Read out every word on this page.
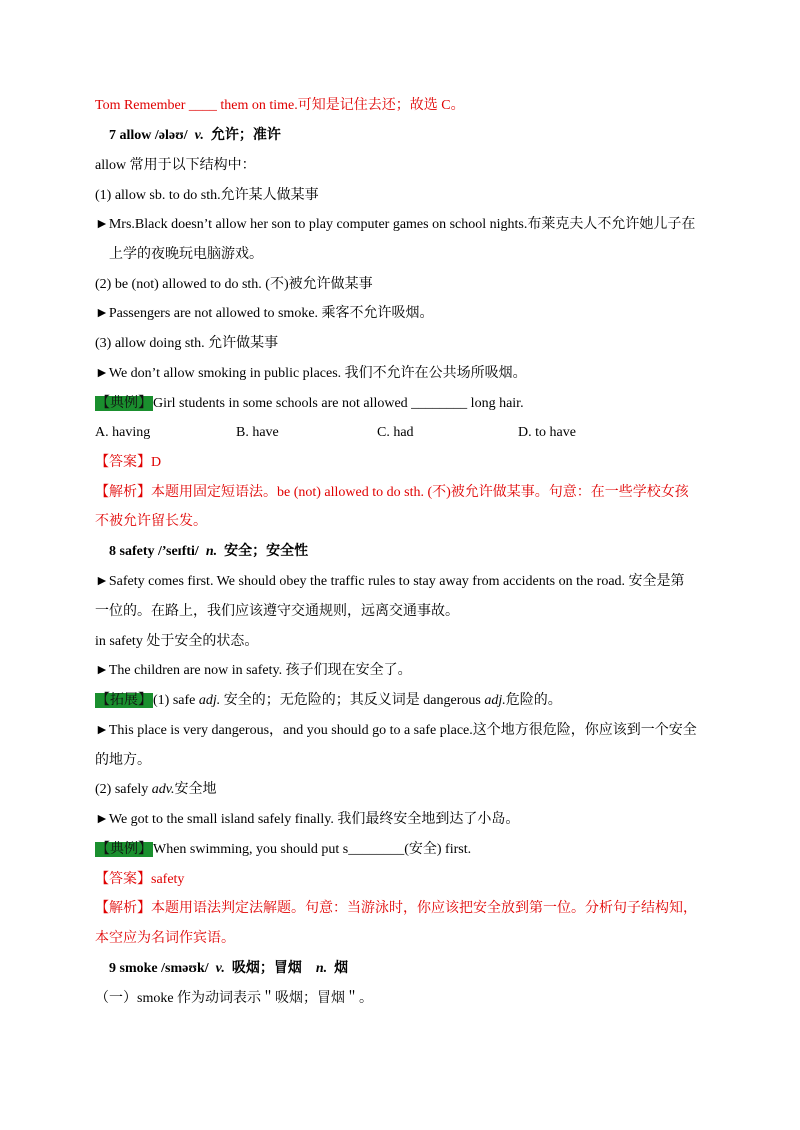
Tom Remember ____ them on time.可知是记住去还；故选 C。
7 allow /ələʊ/ v. 允许；准许
allow 常用于以下结构中：
(1) allow sb. to do sth.允许某人做某事
►Mrs.Black doesn’t allow her son to play computer games on school nights.布莱克夫人不允许她儿子在
上学的夜晚玩电脑游戏。
(2) be (not) allowed to do sth. (不)被允许做某事
►Passengers are not allowed to smoke. 乘客不允许吸烟。
(3) allow doing sth. 允许做某事
►We don’t allow smoking in public places. 我们不允许在公共场所吸烟。
【典例】Girl students in some schools are not allowed ________ long hair.
A. having	B. have	C. had	D. to have
【答案】D
【解析】本题用固定短语法。be (not) allowed to do sth. (不)被允许做某事。句意：在一些学校女孩
不被允许留长发。
8 safety /’seɪfti/ n. 安全；安全性
►Safety comes first. We should obey the traffic rules to stay away from accidents on the road. 安全是第
一位的。在路上，我们应该遵守交通规则，远离交通事故。
in safety 处于安全的状态。
►The children are now in safety. 孩子们现在安全了。
【拓展】(1) safe adj. 安全的；无危险的；其反义词是 dangerous adj.危险的。
►This place is very dangerous，and you should go to a safe place.这个地方很危险，你应该到一个安全
的地方。
(2) safely adv.安全地
►We got to the small island safely finally. 我们最终安全地到达了小岛。
【典例】When swimming, you should put s________(安全) first.
【答案】safety
【解析】本题用语法判定法解题。句意：当游泳时，你应该把安全放到第一位。分析句子结构知，
本空应为名词作宾语。
9 smoke /sməʊk/ v. 吸烟；冒烟 n. 烟
（一）smoke 作为动词表示＂吸烟；冒烟＂。
